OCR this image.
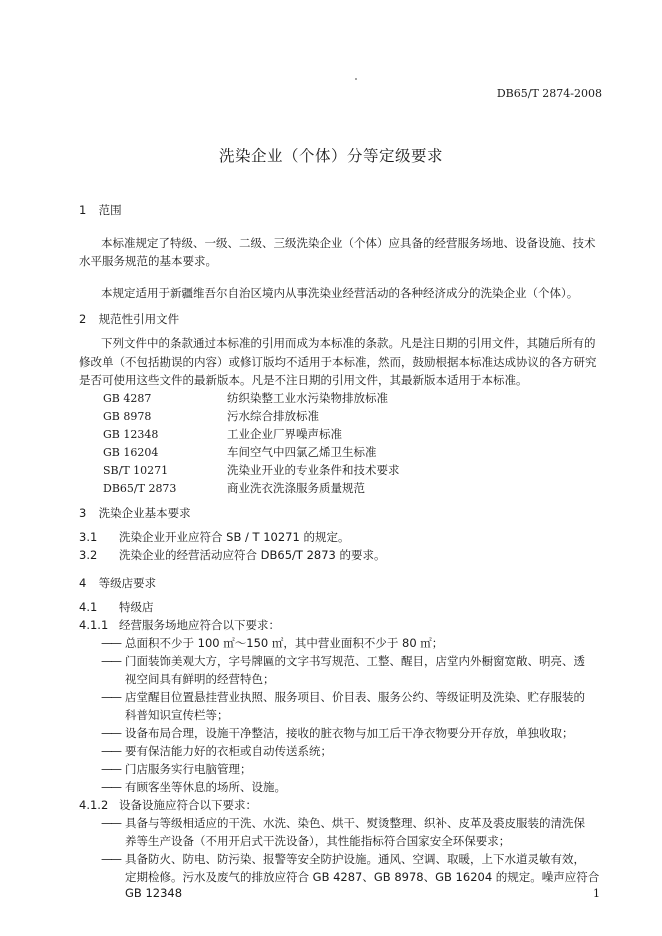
DB65/T 2874-2008
洗染企业（个体）分等定级要求
1 范围
本标准规定了特级、一级、二级、三级洗染企业（个体）应具备的经营服务场地、设备设施、技术
水平服务规范的基本要求。
本规定适用于新疆维吾尔自治区境内从事洗染业经营活动的各种经济成分的洗染企业（个体）。
2 规范性引用文件
下列文件中的条款通过本标准的引用而成为本标准的条款。凡是注日期的引用文件，其随后所有的
修改单（不包括勘误的内容）或修订版均不适用于本标准，然而，鼓励根据本标准达成协议的各方研究
是否可使用这些文件的最新版本。凡是不注日期的引用文件，其最新版本适用于本标准。
GB 4287	纺织染整工业水污染物排放标准
GB 8978	污水综合排放标准
GB 12348	工业企业厂界噪声标准
GB 16204	车间空气中四氯乙烯卫生标准
SB/T 10271	洗染业开业的专业条件和技术要求
DB65/T 2873	商业洗衣洗涤服务质量规范
3 洗染企业基本要求
3.1 洗染企业开业应符合 SB / T 10271 的规定。
3.2 洗染企业的经营活动应符合 DB65/T 2873 的要求。
4 等级店要求
4.1 特级店
4.1.1 经营服务场地应符合以下要求：
—— 总面积不少于 100 ㎡～150 ㎡，其中营业面积不少于 80 ㎡；
—— 门面装饰美观大方，字号牌匾的文字书写规范、工整、醒目，店堂内外橱窗宽敞、明亮、透
视空间具有鲜明的经营特色；
—— 店堂醒目位置悬挂营业执照、服务项目、价目表、服务公约、等级证明及洗染、贮存服装的
科普知识宣传栏等；
—— 设备布局合理，设施干净整洁，接收的脏衣物与加工后干净衣物要分开存放，单独收取；
—— 要有保洁能力好的衣柜或自动传送系统；
—— 门店服务实行电脑管理；
—— 有顾客坐等休息的场所、设施。
4.1.2 设备设施应符合以下要求：
—— 具备与等级相适应的干洗、水洗、染色、烘干、熨烫整理、织补、皮革及裘皮服装的清洗保
养等生产设备（不用开启式干洗设备），其性能指标符合国家安全环保要求；
—— 具备防火、防电、防污染、报警等安全防护设施。通风、空调、取暖，上下水道灵敏有效，
定期检修。污水及废气的排放应符合 GB 4287、GB 8978、GB 16204 的规定。噪声应符合 GB 12348	1
